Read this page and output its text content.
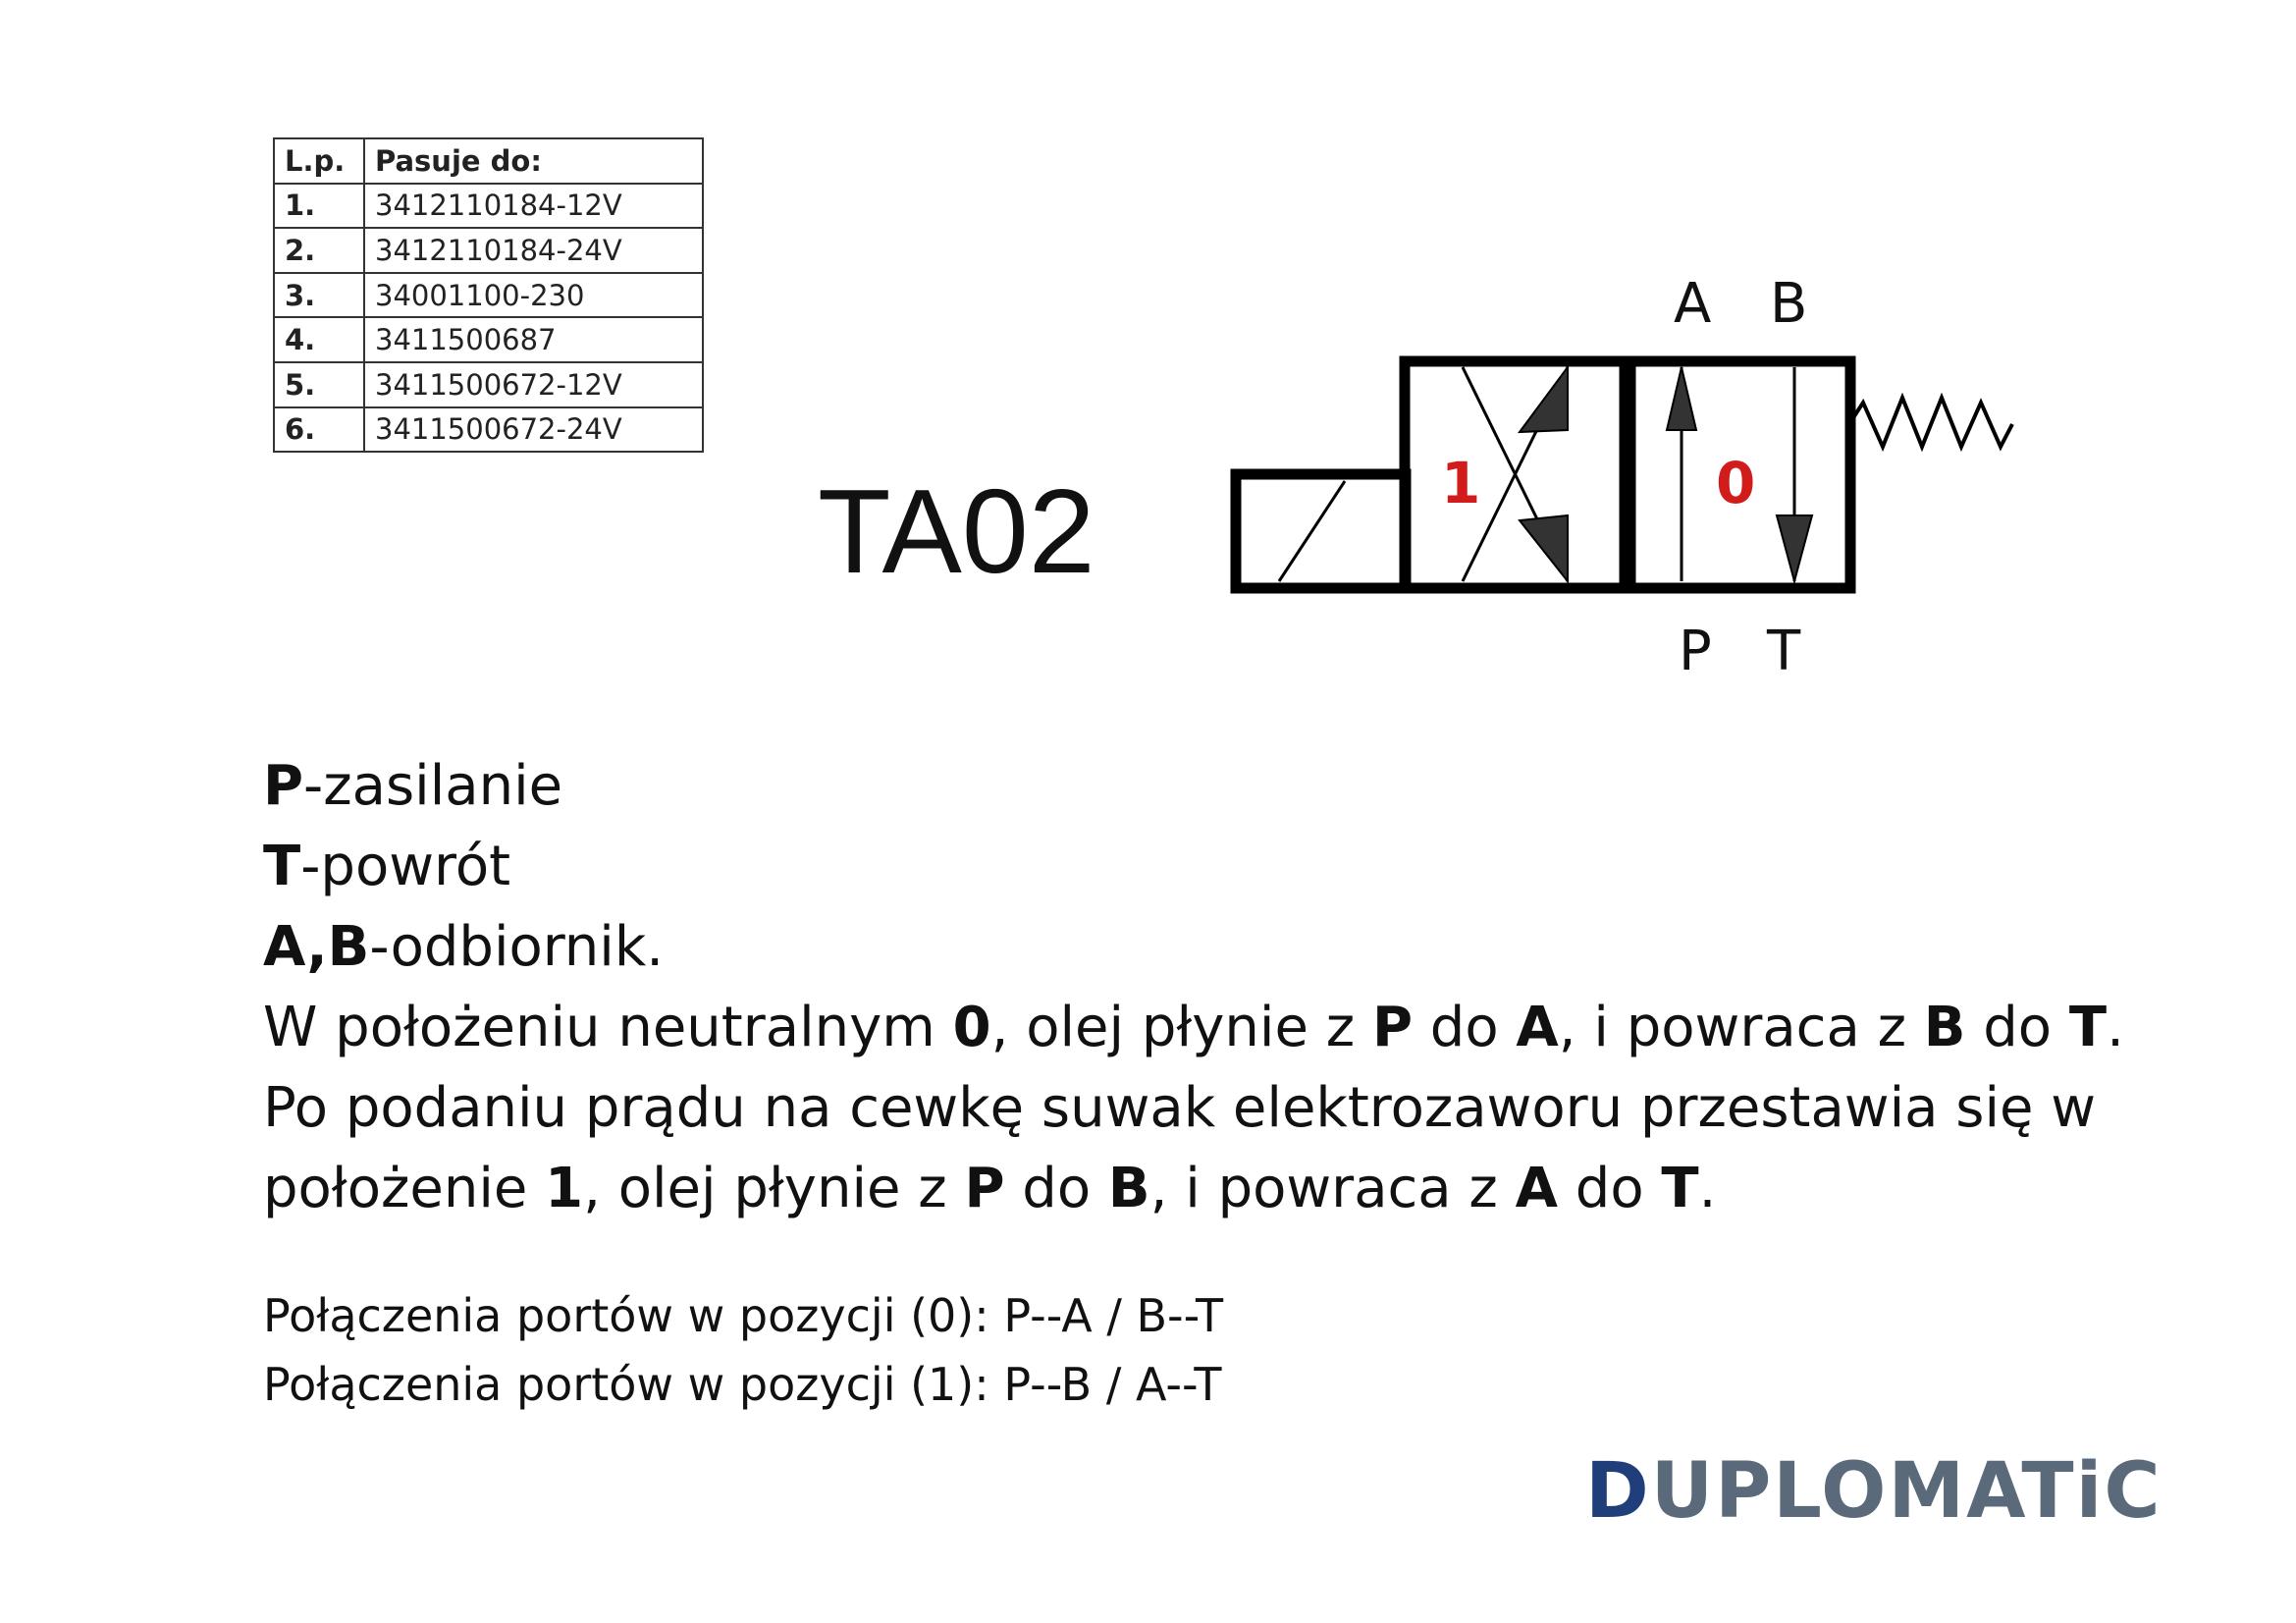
L.p.	Pasuje do:
1.	3412110184-12V
2.	3412110184-24V
3.	34001100-230
4.	3411500687
5.	3411500672-12V
6.	3411500672-24V
TA02
A B
P T
1	0
P-zasilanie
T-powrót
A,B-odbiornik.
W położeniu neutralnym 0, olej płynie z P do A, i powraca z B do T.
Po podaniu prądu na cewkę suwak elektrozaworu przestawia się w
położenie 1, olej płynie z P do B, i powraca z A do T.
Połączenia portów w pozycji (0): P--A / B--T
Połączenia portów w pozycji (1): P--B / A--T
DUPLOMATiC
